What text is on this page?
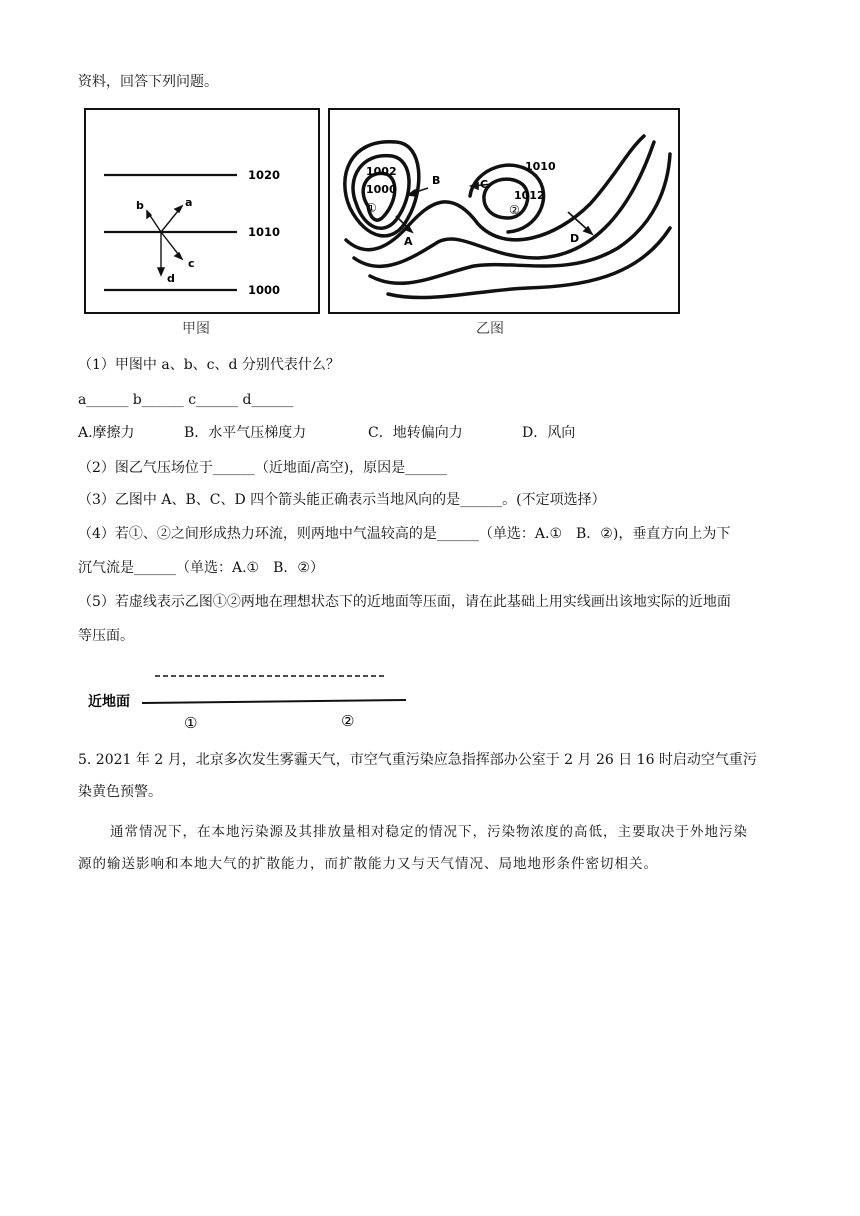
资料，回答下列问题。
1020
1010
1000
a
b
c
d
甲图
1002
1000
1010
1012
①	②
A
B	C
D
乙图
（1）甲图中 a、b、c、d 分别代表什么？
a______ b______ c______ d______
A.摩擦力	B．水平气压梯度力	C．地转偏向力	D．风向
（2）图乙气压场位于______（近地面/高空)，原因是______
（3）乙图中 A、B、C、D 四个箭头能正确表示当地风向的是______。(不定项选择）
（4）若①、②之间形成热力环流，则两地中气温较高的是______（单选：A.①　B．②)，垂直方向上为下
沉气流是______（单选：A.①　B．②）
（5）若虚线表示乙图①②两地在理想状态下的近地面等压面，请在此基础上用实线画出该地实际的近地面
等压面。
近地面
①	②
5. 2021 年 2 月，北京多次发生雾霾天气，市空气重污染应急指挥部办公室于 2 月 26 日 16 时启动空气重污
染黄色预警。
通常情况下，在本地污染源及其排放量相对稳定的情况下，污染物浓度的高低，主要取决于外地污染
源的输送影响和本地大气的扩散能力，而扩散能力又与天气情况、局地地形条件密切相关。
